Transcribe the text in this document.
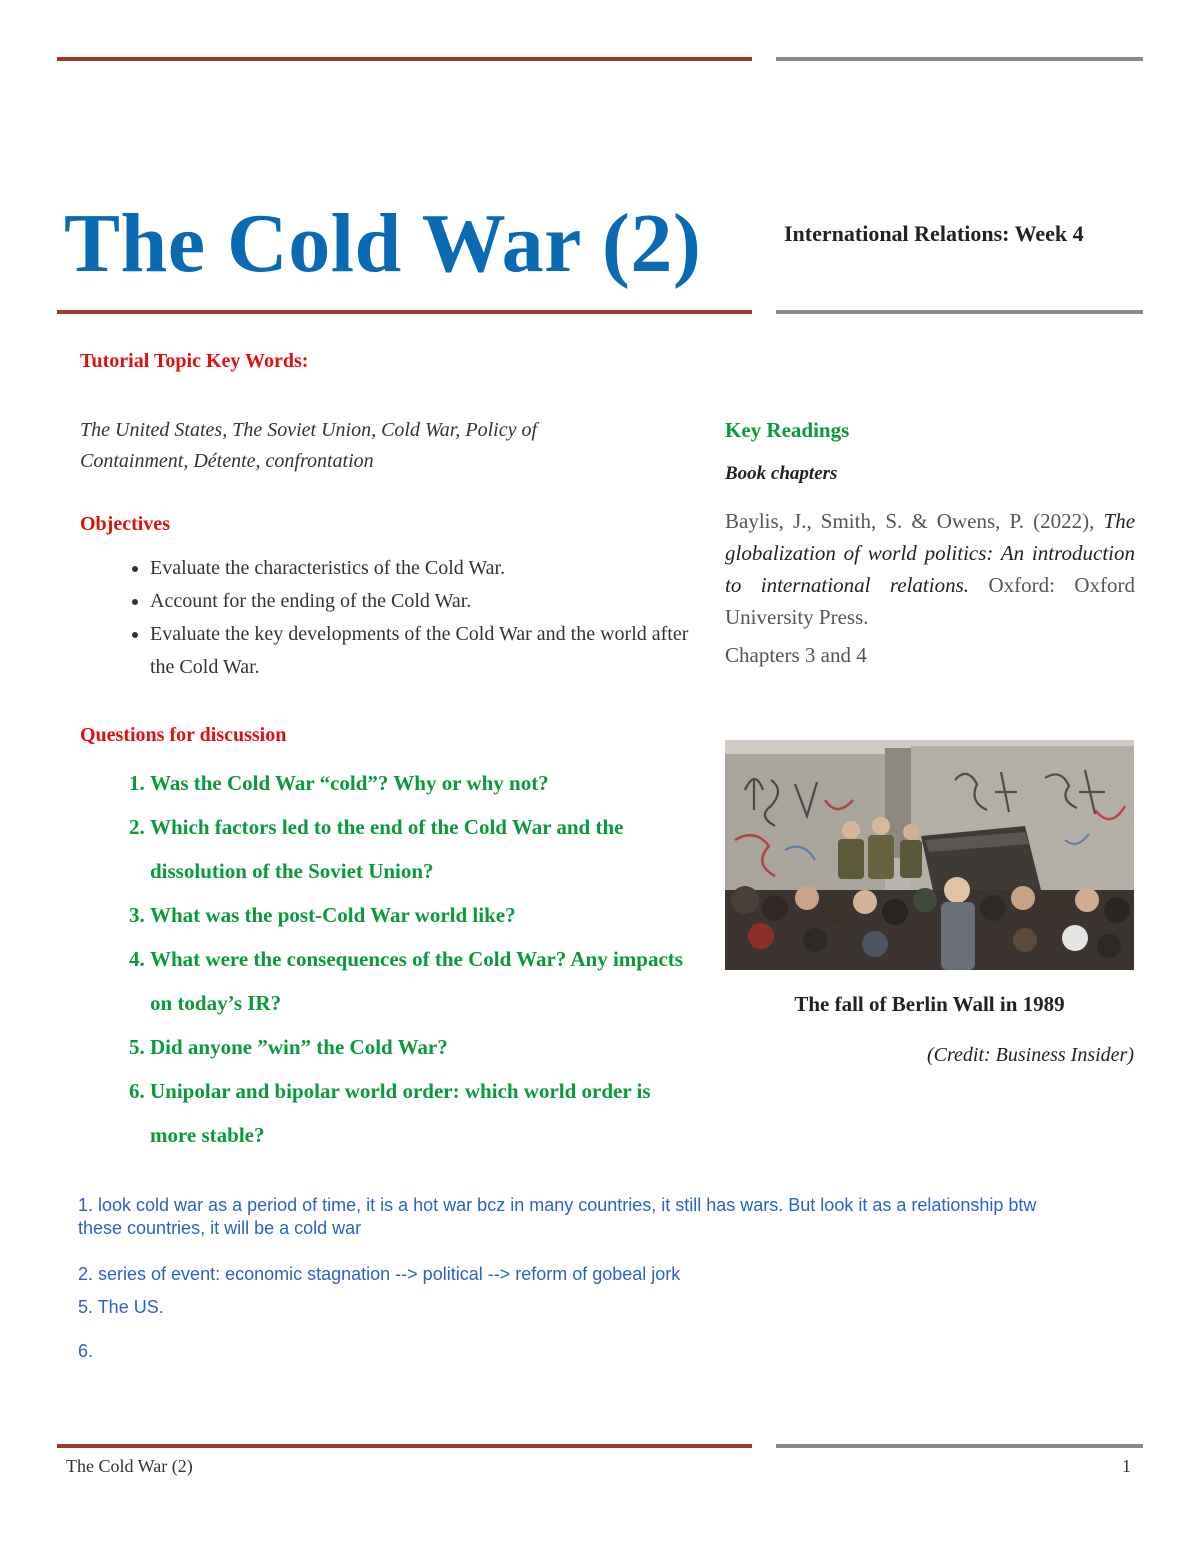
The Cold War (2)	International Relations: Week 4

Tutorial Topic Key Words:

The United States, The Soviet Union, Cold War, Policy of
Containment, Détente, confrontation

Objectives

• Evaluate the characteristics of the Cold War.
• Account for the ending of the Cold War.
• Evaluate the key developments of the Cold War and the world after the Cold War.

Questions for discussion

1. Was the Cold War “cold”? Why or why not?
2. Which factors led to the end of the Cold War and the dissolution of the Soviet Union?
3. What was the post-Cold War world like?
4. What were the consequences of the Cold War? Any impacts on today’s IR?
5. Did anyone ”win” the Cold War?
6. Unipolar and bipolar world order: which world order is more stable?

Key Readings

Book chapters

Baylis, J., Smith, S. & Owens, P. (2022), The globalization of world politics: An introduction to international relations. Oxford: Oxford University Press.

Chapters 3 and 4

The fall of Berlin Wall in 1989
(Credit: Business Insider)
1. look cold war as a period of time, it is a hot war bcz in many countries, it still has wars. But look it as a relationship btw
these countries, it will be a cold war
2. series of event: economic stagnation --> political --> reform of gobeal jork
5. The US.
6.
The Cold War (2)	1
